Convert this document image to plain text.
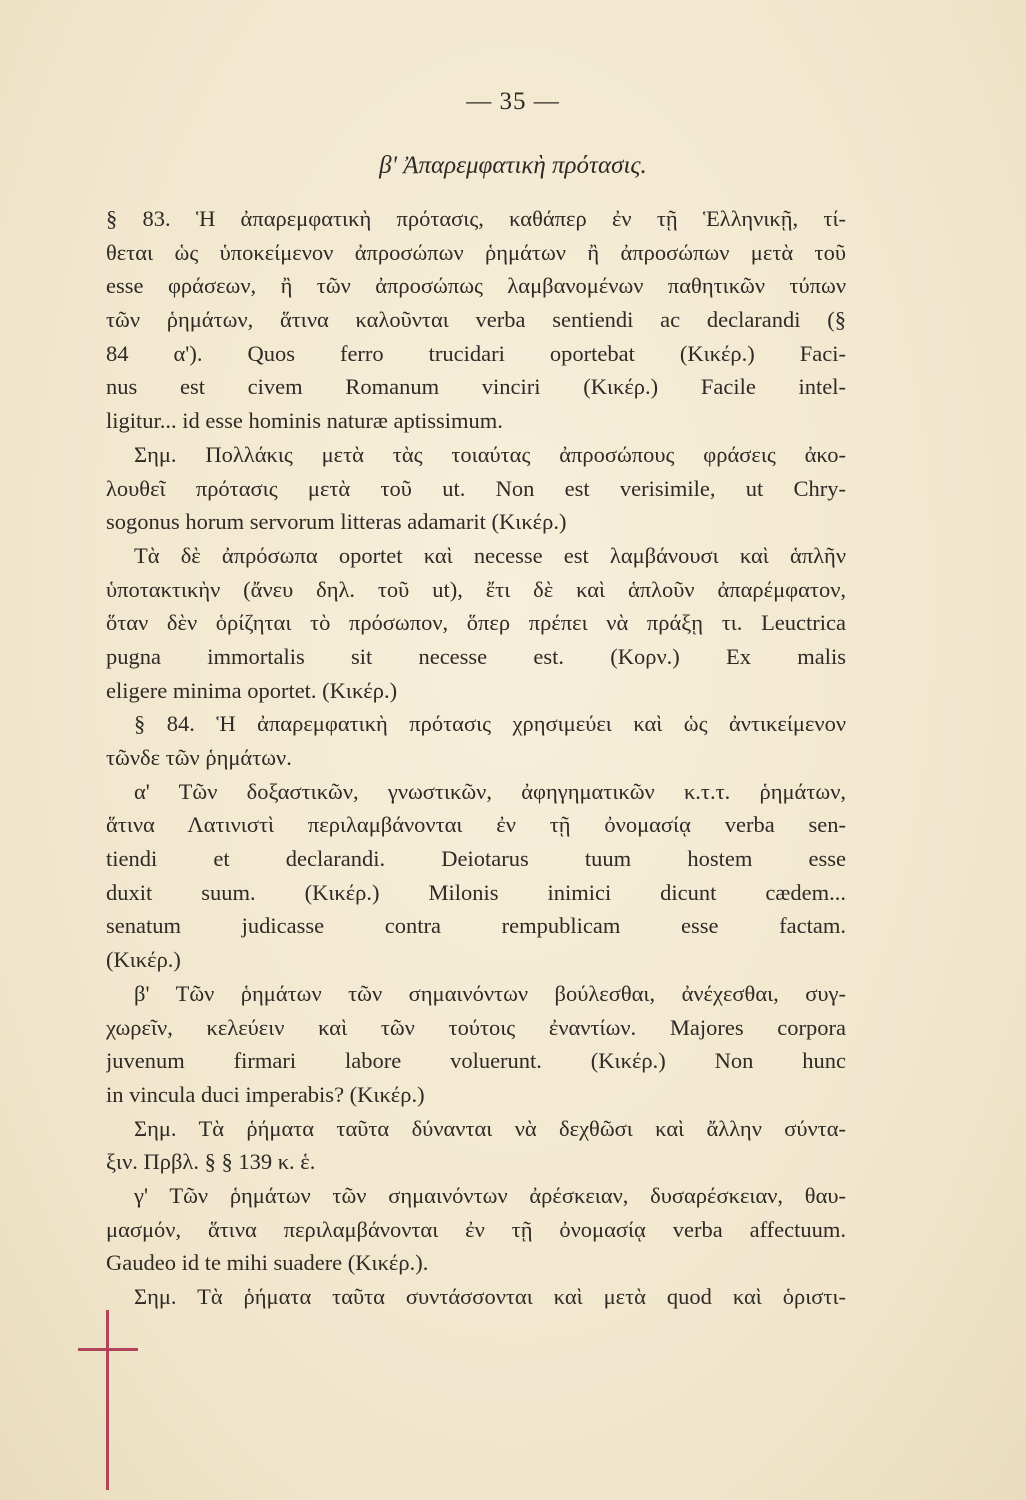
— 35 —
β' Ἀπαρεμφατικὴ πρότασις.
§ 83. Ἡ ἀπαρεμφατικὴ πρότασις, καθάπερ ἐν τῇ Ἑλληνικῇ, τί-
θεται ὡς ὑποκείμενον ἀπροσώπων ῥημάτων ἢ ἀπροσώπων μετὰ τοῦ
esse φράσεων, ἢ τῶν ἀπροσώπως λαμβανομένων παθητικῶν τύπων
τῶν ῥημάτων, ἅτινα καλοῦνται verba sentiendi ac declarandi (§
84 α'). Quos ferro trucidari oportebat (Κικέρ.) Faci-
nus est civem Romanum vinciri (Κικέρ.) Facile intel-
ligitur... id esse hominis naturæ aptissimum.
Σημ. Πολλάκις μετὰ τὰς τοιαύτας ἀπροσώπους φράσεις ἀκο-
λουθεῖ πρότασις μετὰ τοῦ ut. Non est verisimile, ut Chry-
sogonus horum servorum litteras adamarit (Κικέρ.)
Τὰ δὲ ἀπρόσωπα oportet καὶ necesse est λαμβάνουσι καὶ ἁπλῆν
ὑποτακτικὴν (ἄνευ δηλ. τοῦ ut), ἔτι δὲ καὶ ἁπλοῦν ἀπαρέμφατον,
ὅταν δὲν ὁρίζηται τὸ πρόσωπον, ὅπερ πρέπει νὰ πράξῃ τι. Leuctrica
pugna immortalis sit necesse est. (Κορν.) Ex malis
eligere minima oportet. (Κικέρ.)
§ 84. Ἡ ἀπαρεμφατικὴ πρότασις χρησιμεύει καὶ ὡς ἀντικείμενον
τῶνδε τῶν ῥημάτων.
α' Τῶν δοξαστικῶν, γνωστικῶν, ἀφηγηματικῶν κ.τ.τ. ῥημάτων,
ἅτινα Λατινιστὶ περιλαμβάνονται ἐν τῇ ὀνομασίᾳ verba sen-
tiendi et declarandi. Deiotarus tuum hostem esse
duxit suum. (Κικέρ.) Milonis inimici dicunt cædem...
senatum judicasse contra rempublicam esse factam.
(Κικέρ.)
β' Τῶν ῥημάτων τῶν σημαινόντων βούλεσθαι, ἀνέχεσθαι, συγ-
χωρεῖν, κελεύειν καὶ τῶν τούτοις ἐναντίων. Majores corpora
juvenum firmari labore voluerunt. (Κικέρ.) Non hunc
in vincula duci imperabis? (Κικέρ.)
Σημ. Τὰ ῥήματα ταῦτα δύνανται νὰ δεχθῶσι καὶ ἄλλην σύντα-
ξιν. Πρβλ. § § 139 κ. ἑ.
γ' Τῶν ῥημάτων τῶν σημαινόντων ἀρέσκειαν, δυσαρέσκειαν, θαυ-
μασμόν, ἅτινα περιλαμβάνονται ἐν τῇ ὀνομασίᾳ verba affectuum.
Gaudeo id te mihi suadere (Κικέρ.).
Σημ. Τὰ ῥήματα ταῦτα συντάσσονται καὶ μετὰ quod καὶ ὁριστι-
